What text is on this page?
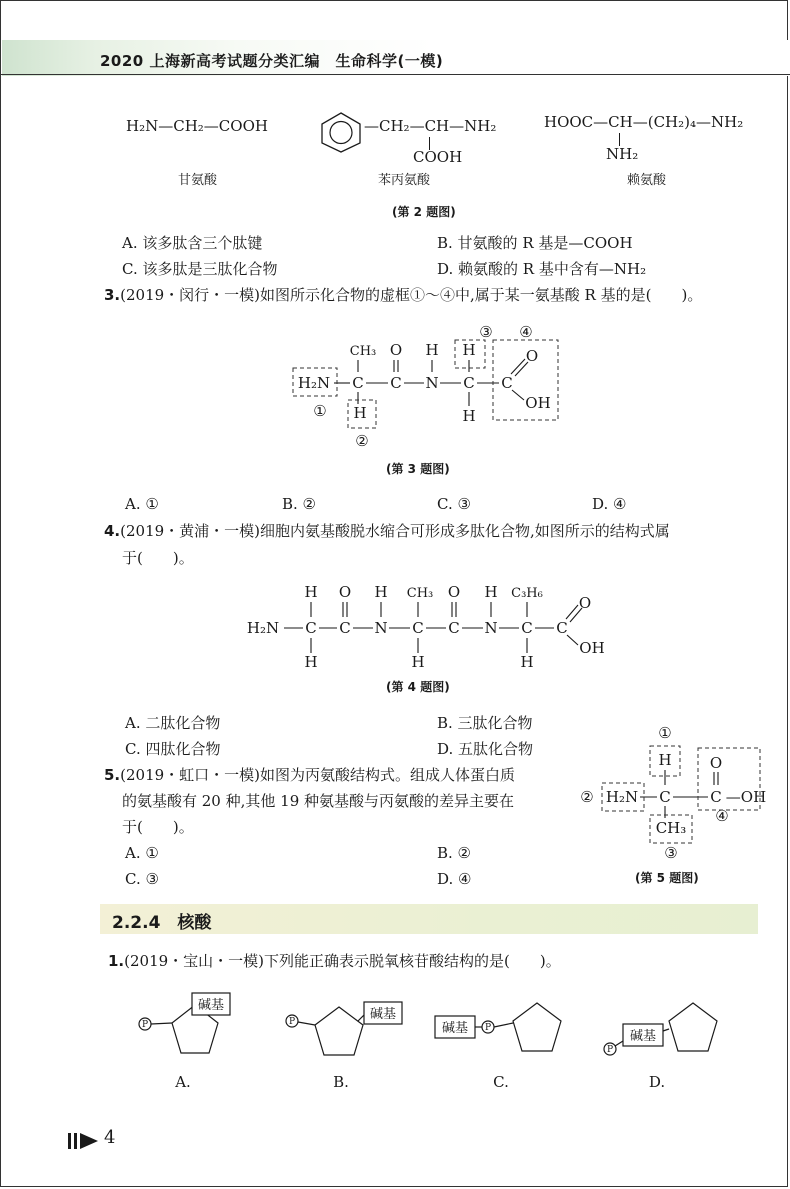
2020 上海新高考试题分类汇编　生命科学(一模)
H₂N—CH₂—COOH
甘氨酸
—CH₂—CH—NH₂
COOH
苯丙氨酸
HOOC—CH—(CH₂)₄—NH₂
NH₂
赖氨酸
(第 2 题图)
A. 该多肽含三个肽键	B. 甘氨酸的 R 基是—COOH
C. 该多肽是三肽化合物	D. 赖氨酸的 R 基中含有—NH₂
3.(2019・闵行・一模)如图所示化合物的虚框①～④中,属于某一氨基酸 R 基的是(　　)。
③ ④
CH₃ O H H	O
H₂N C C N C C
OH
① H	H
②
(第 3 题图)
A. ①	B. ②	C. ③	D. ④
4.(2019・黄浦・一模)细胞内氨基酸脱水缩合可形成多肽化合物,如图所示的结构式属
于(　　)。
H O H CH₃ O H C₃H₆
O
H₂N C C N C C N C C
OH
H	H	H
(第 4 题图)
A. 二肽化合物	B. 三肽化合物
C. 四肽化合物	D. 五肽化合物
5.(2019・虹口・一模)如图为丙氨酸结构式。组成人体蛋白质
的氨基酸有 20 种,其他 19 种氨基酸与丙氨酸的差异主要在
于(　　)。
A. ①	B. ②
C. ③	D. ④
①
H	O
② H₂N C	C —OH
④
CH₃
③
(第 5 题图)
2.2.4　核酸
1.(2019・宝山・一模)下列能正确表示脱氧核苷酸结构的是(　　)。
碱基
碱基
碱基
碱基
P	P
P
P
A.	B.	C.	D.
4
